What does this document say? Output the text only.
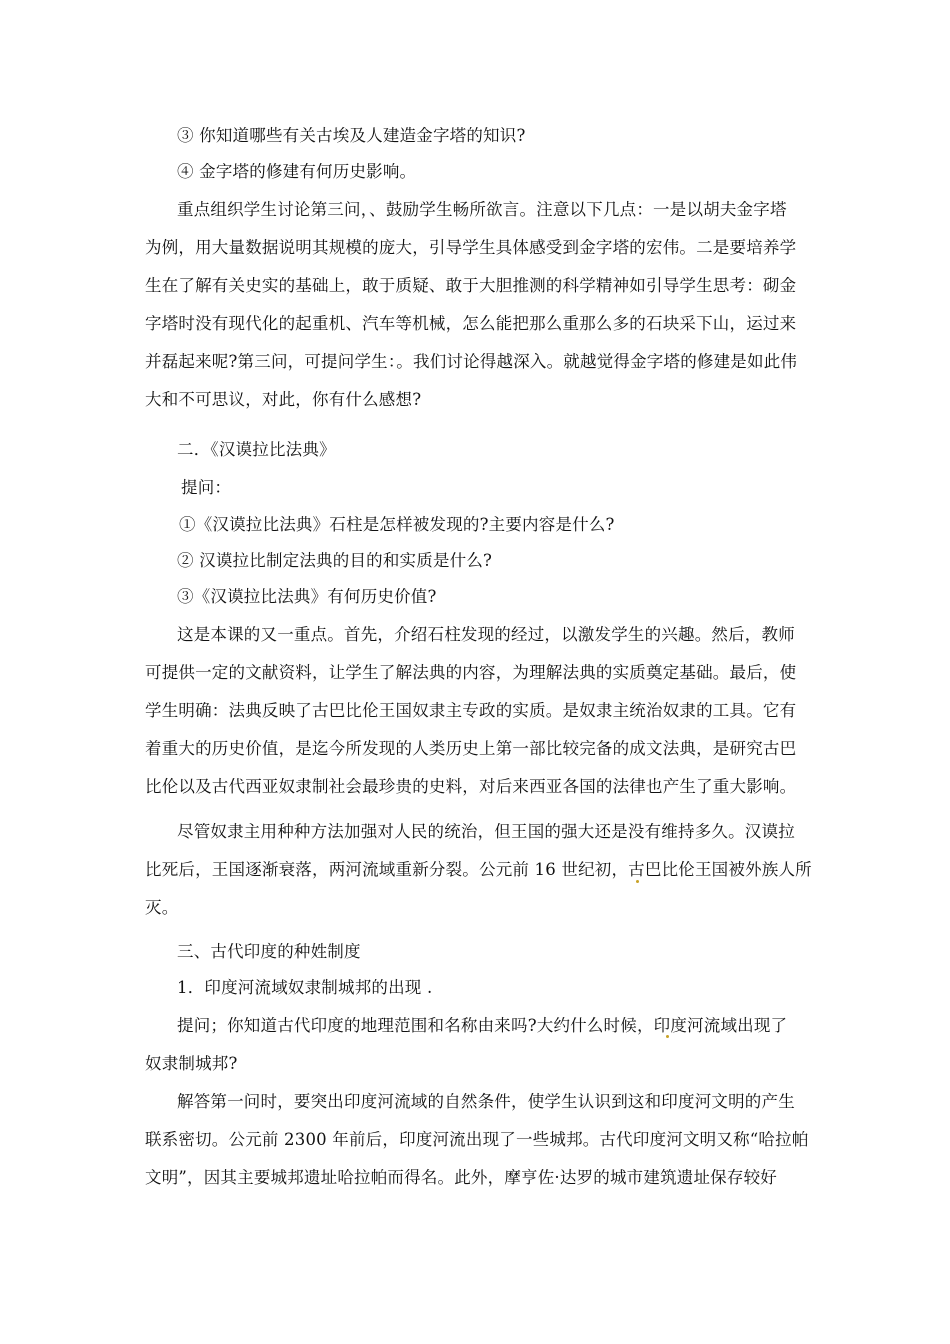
③ 你知道哪些有关古埃及人建造金字塔的知识?
④ 金字塔的修建有何历史影响。
重点组织学生讨论第三问，、鼓励学生畅所欲言。注意以下几点：一是以胡夫金字塔
为例，用大量数据说明其规模的庞大，引导学生具体感受到金字塔的宏伟。二是要培养学
生在了解有关史实的基础上，敢于质疑、敢于大胆推测的科学精神如引导学生思考：砌金
字塔时没有现代化的起重机、汽车等机械，怎么能把那么重那么多的石块采下山，运过来
并磊起来呢?第三问，可提问学生：。我们讨论得越深入。就越觉得金字塔的修建是如此伟
大和不可思议，对此，你有什么感想?
二．《汉谟拉比法典》
提问：
①《汉谟拉比法典》石柱是怎样被发现的?主要内容是什么?
② 汉谟拉比制定法典的目的和实质是什么?
③《汉谟拉比法典》有何历史价值?
这是本课的又一重点。首先，介绍石柱发现的经过，以激发学生的兴趣。然后，教师
可提供一定的文献资料，让学生了解法典的内容，为理解法典的实质奠定基础。最后，使
学生明确：法典反映了古巴比伦王国奴隶主专政的实质。是奴隶主统治奴隶的工具。它有
着重大的历史价值，是迄今所发现的人类历史上第一部比较完备的成文法典，是研究古巴
比伦以及古代西亚奴隶制社会最珍贵的史料，对后来西亚各国的法律也产生了重大影响。
尽管奴隶主用种种方法加强对人民的统治，但王国的强大还是没有维持多久。汉谟拉
比死后，王国逐渐衰落，两河流域重新分裂。公元前 16 世纪初，古巴比伦王国被外族人所
灭。
三、古代印度的种姓制度
1．印度河流域奴隶制城邦的出现 .
提问；你知道古代印度的地理范围和名称由来吗?大约什么时候，印度河流域出现了
奴隶制城邦?
解答第一问时，要突出印度河流域的自然条件，使学生认识到这和印度河文明的产生
联系密切。公元前 2300 年前后，印度河流出现了一些城邦。古代印度河文明又称“哈拉帕
文明”，因其主要城邦遗址哈拉帕而得名。此外，摩亨佐·达罗的城市建筑遗址保存较好
